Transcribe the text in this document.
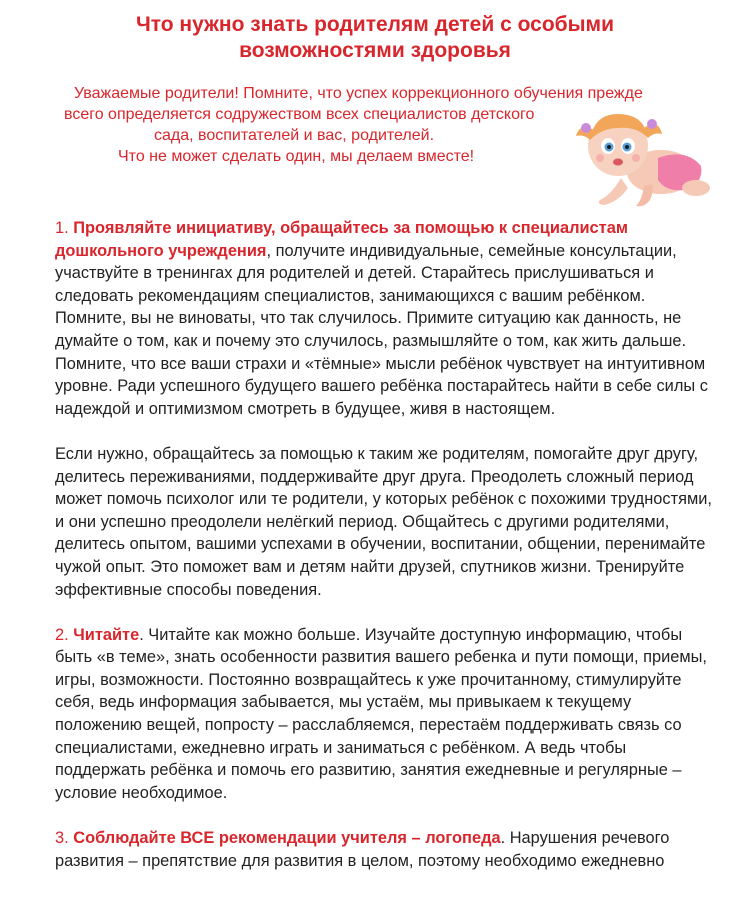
Что нужно знать родителям детей с особыми
возможностями здоровья
Уважаемые родители! Помните, что успех коррекционного обучения прежде
всего определяется содружеством всех специалистов детского
сада, воспитателей и вас, родителей.
Что не может сделать один, мы делаем вместе!

1. Проявляйте инициативу, обращайтесь за помощью к специалистам дошкольного учреждения, получите индивидуальные, семейные консультации, участвуйте в тренингах для родителей и детей. Старайтесь прислушиваться и следовать рекомендациям специалистов, занимающихся с вашим ребёнком. Помните, вы не виноваты, что так случилось. Примите ситуацию как данность, не думайте о том, как и почему это случилось, размышляйте о том, как жить дальше. Помните, что все ваши страхи и «тёмные» мысли ребёнок чувствует на интуитивном уровне. Ради успешного будущего вашего ребёнка постарайтесь найти в себе силы с надеждой и оптимизмом смотреть в будущее, живя в настоящем.

Если нужно, обращайтесь за помощью к таким же родителям, помогайте друг другу, делитесь переживаниями, поддерживайте друг друга. Преодолеть сложный период может помочь психолог или те родители, у которых ребёнок с похожими трудностями, и они успешно преодолели нелёгкий период. Общайтесь с другими родителями, делитесь опытом, вашими успехами в обучении, воспитании, общении, перенимайте чужой опыт. Это поможет вам и детям найти друзей, спутников жизни. Тренируйте эффективные способы поведения.

2. Читайте. Читайте как можно больше. Изучайте доступную информацию, чтобы быть «в теме», знать особенности развития вашего ребенка и пути помощи, приемы, игры, возможности. Постоянно возвращайтесь к уже прочитанному, стимулируйте себя, ведь информация забывается, мы устаём, мы привыкаем к текущему положению вещей, попросту – расслабляемся, перестаём поддерживать связь со специалистами, ежедневно играть и заниматься с ребёнком. А ведь чтобы поддержать ребёнка и помочь его развитию, занятия ежедневные и регулярные – условие необходимое.

3. Соблюдайте ВСЕ рекомендации учителя – логопеда. Нарушения речевого развития – препятствие для развития в целом, поэтому необходимо ежедневно
